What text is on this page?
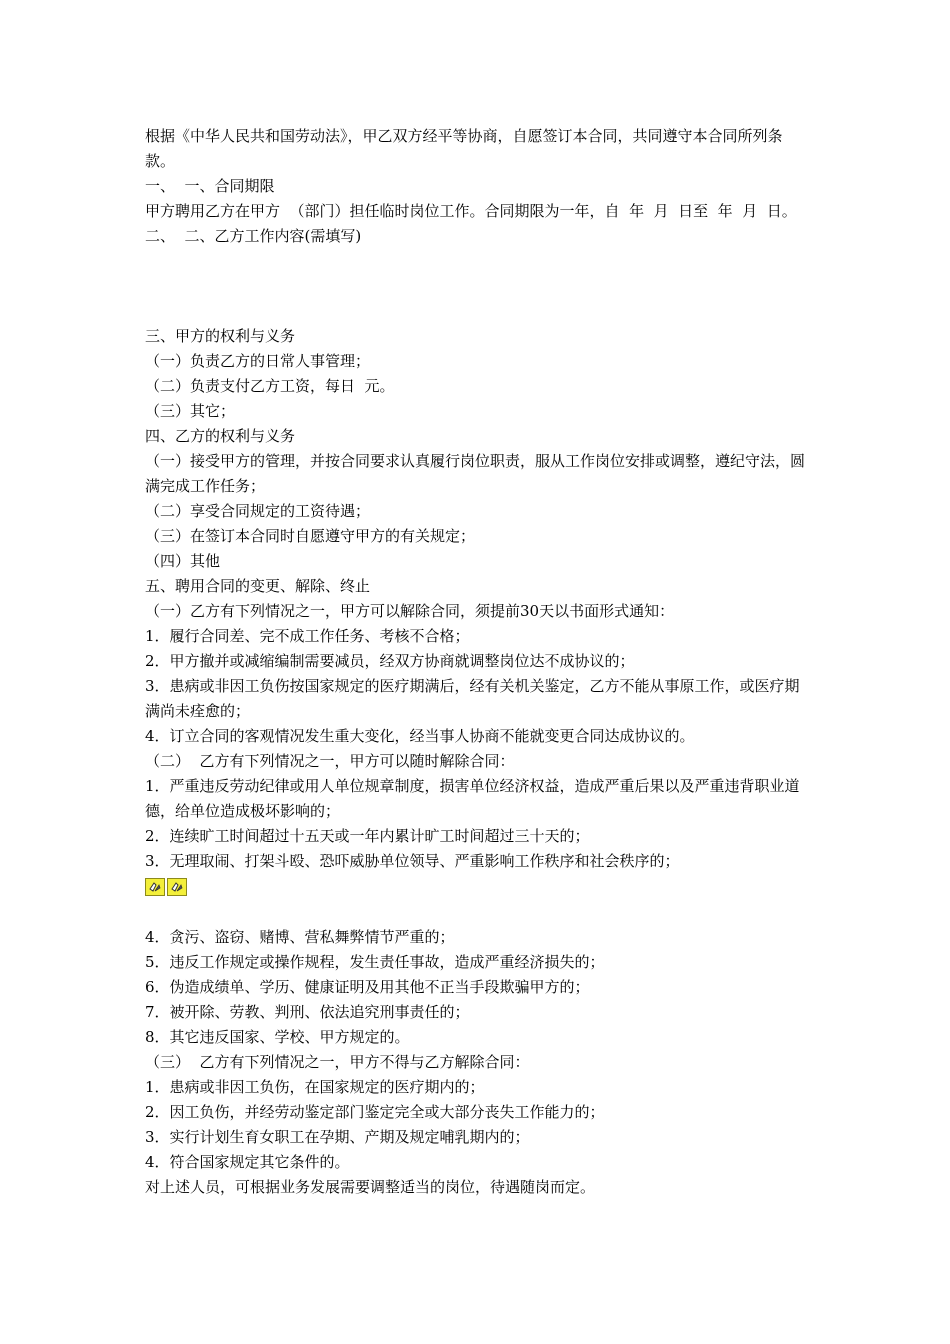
根据《中华人民共和国劳动法》，甲乙双方经平等协商，自愿签订本合同，共同遵守本合同所列条款。

一、  一、合同期限

甲方聘用乙方在甲方  （部门）担任临时岗位工作。合同期限为一年，自  年  月  日至  年  月  日。

二、  二、乙方工作内容(需填写)

三、甲方的权利与义务

（一）负责乙方的日常人事管理；

（二）负责支付乙方工资，每日  元。

（三）其它；

四、乙方的权利与义务

（一）接受甲方的管理，并按合同要求认真履行岗位职责，服从工作岗位安排或调整，遵纪守法，圆满完成工作任务；

（二）享受合同规定的工资待遇；

（三）在签订本合同时自愿遵守甲方的有关规定；

（四）其他

五、聘用合同的变更、解除、终止

（一）乙方有下列情况之一，甲方可以解除合同，须提前30天以书面形式通知：

1．履行合同差、完不成工作任务、考核不合格；

2．甲方撤并或减缩编制需要减员，经双方协商就调整岗位达不成协议的；

3．患病或非因工负伤按国家规定的医疗期满后，经有关机关鉴定，乙方不能从事原工作，或医疗期满尚未痊愈的；

4．订立合同的客观情况发生重大变化，经当事人协商不能就变更合同达成协议的。

（二）  乙方有下列情况之一，甲方可以随时解除合同：

1．严重违反劳动纪律或用人单位规章制度，损害单位经济权益，造成严重后果以及严重违背职业道德，给单位造成极坏影响的；

2．连续旷工时间超过十五天或一年内累计旷工时间超过三十天的；

3．无理取闹、打架斗殴、恐吓威胁单位领导、严重影响工作秩序和社会秩序的；

4．贪污、盗窃、赌博、营私舞弊情节严重的；

5．违反工作规定或操作规程，发生责任事故，造成严重经济损失的；

6．伪造成绩单、学历、健康证明及用其他不正当手段欺骗甲方的；

7．被开除、劳教、判刑、依法追究刑事责任的；

8．其它违反国家、学校、甲方规定的。

（三）  乙方有下列情况之一，甲方不得与乙方解除合同：

1．患病或非因工负伤，在国家规定的医疗期内的；

2．因工负伤，并经劳动鉴定部门鉴定完全或大部分丧失工作能力的；

3．实行计划生育女职工在孕期、产期及规定哺乳期内的；

4．符合国家规定其它条件的。

对上述人员，可根据业务发展需要调整适当的岗位，待遇随岗而定。
